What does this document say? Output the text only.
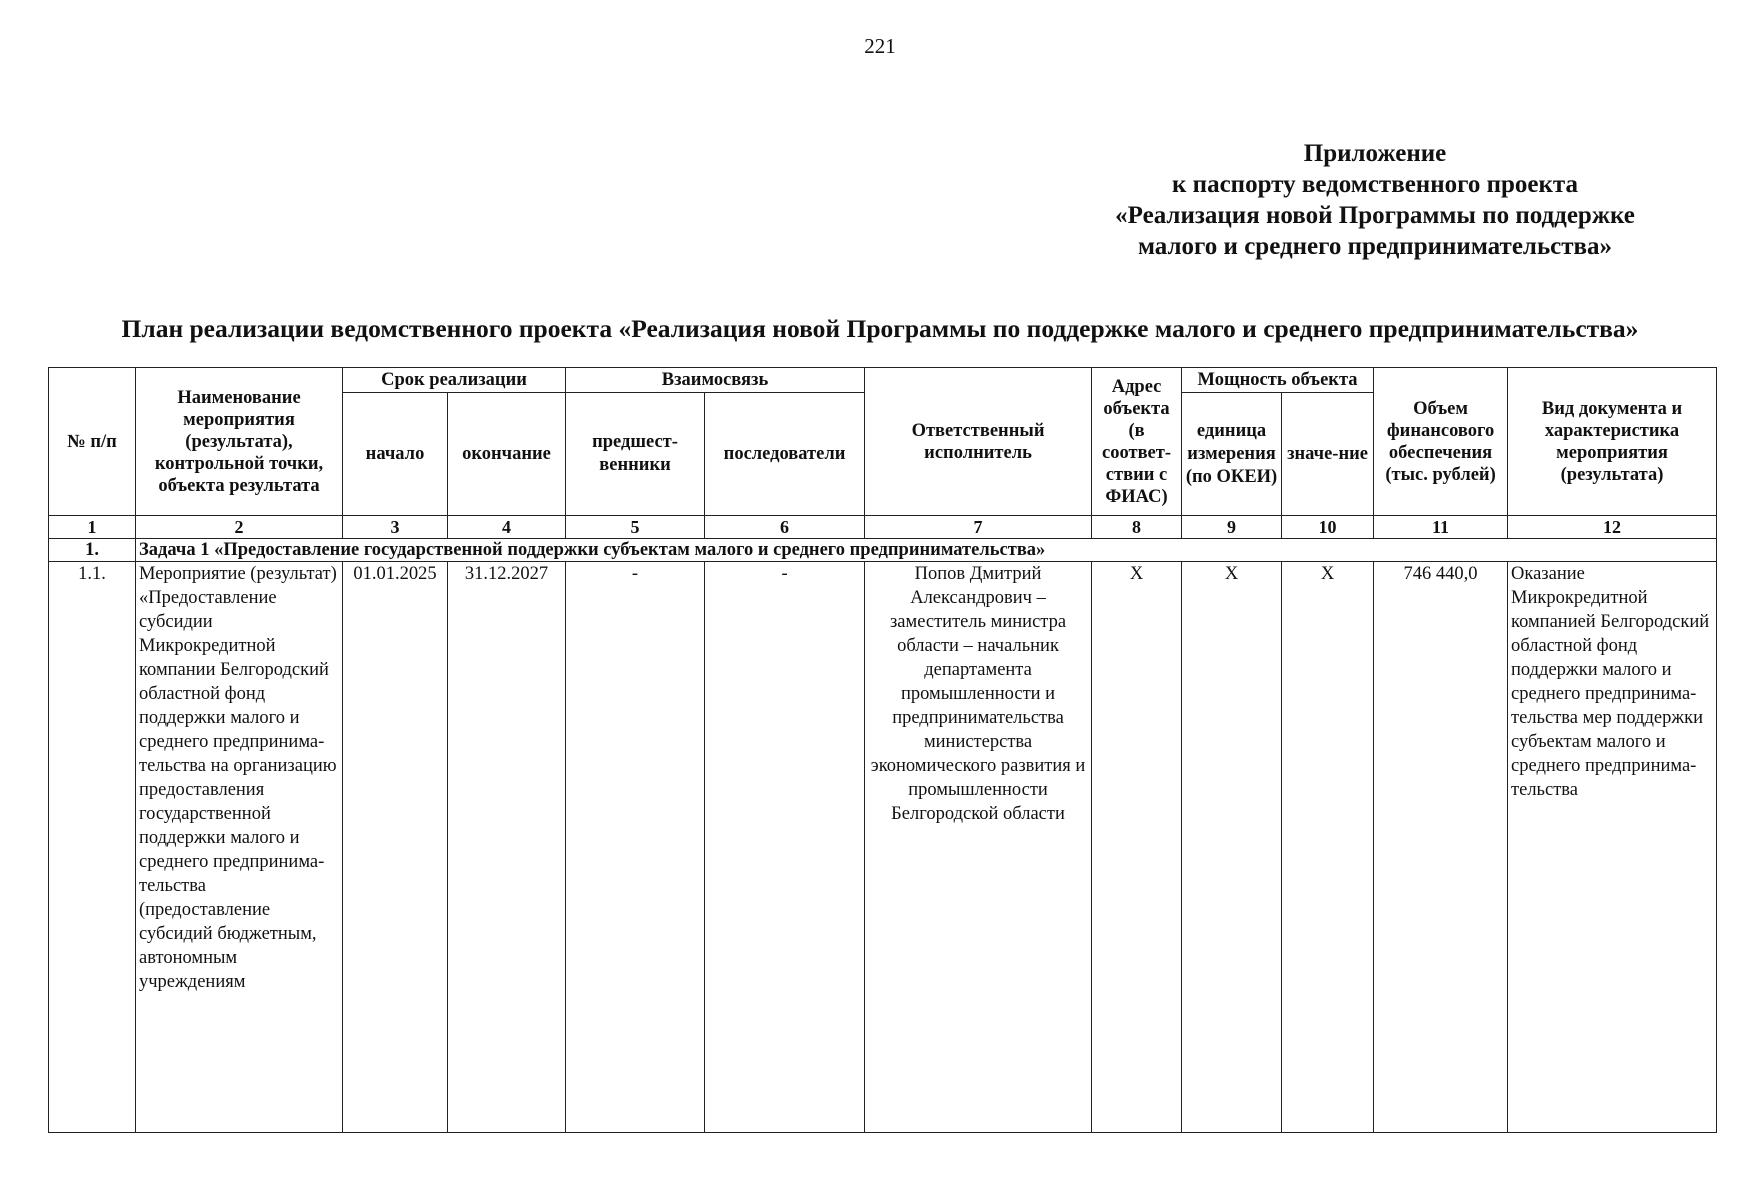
221
Приложение
к паспорту ведомственного проекта
«Реализация новой Программы по поддержке
малого и среднего предпринимательства»
План реализации ведомственного проекта «Реализация новой Программы по поддержке малого и среднего предпринимательства»
№ п/п	Наименование мероприятия (результата), контрольной точки, объекта результата	Срок реализации		Взаимосвязь		Ответственный исполнитель	Адрес объекта (в соответ-ствии с ФИАС)	Мощность объекта		Объем финансового обеспечения (тыс. рублей)	Вид документа и характеристика мероприятия (результата)
		начало	окончание	предшест-венники	последователи			единица измерения (по ОКЕИ)	значе-ние		
1	2	3	4	5	6	7	8	9	10	11	12
1.	Задача 1 «Предоставление государственной поддержки субъектам малого и среднего предпринимательства»										
1.1.	Мероприятие (результат) «Предоставление субсидии Микрокредитной компании Белгородский областной фонд поддержки малого и среднего предпринима-тельства на организацию предоставления государственной поддержки малого и среднего предпринима-тельства (предоставление субсидий бюджетным, автономным учреждениям	01.01.2025	31.12.2027	-	-	Попов Дмитрий Александрович – заместитель министра области – начальник департамента промышленности и предпринимательства министерства экономического развития и промышленности Белгородской области	Х	Х	Х	746 440,0	Оказание Микрокредитной компанией Белгородский областной фонд поддержки малого и среднего предпринима-тельства мер поддержки субъектам малого и среднего предпринима-тельства
